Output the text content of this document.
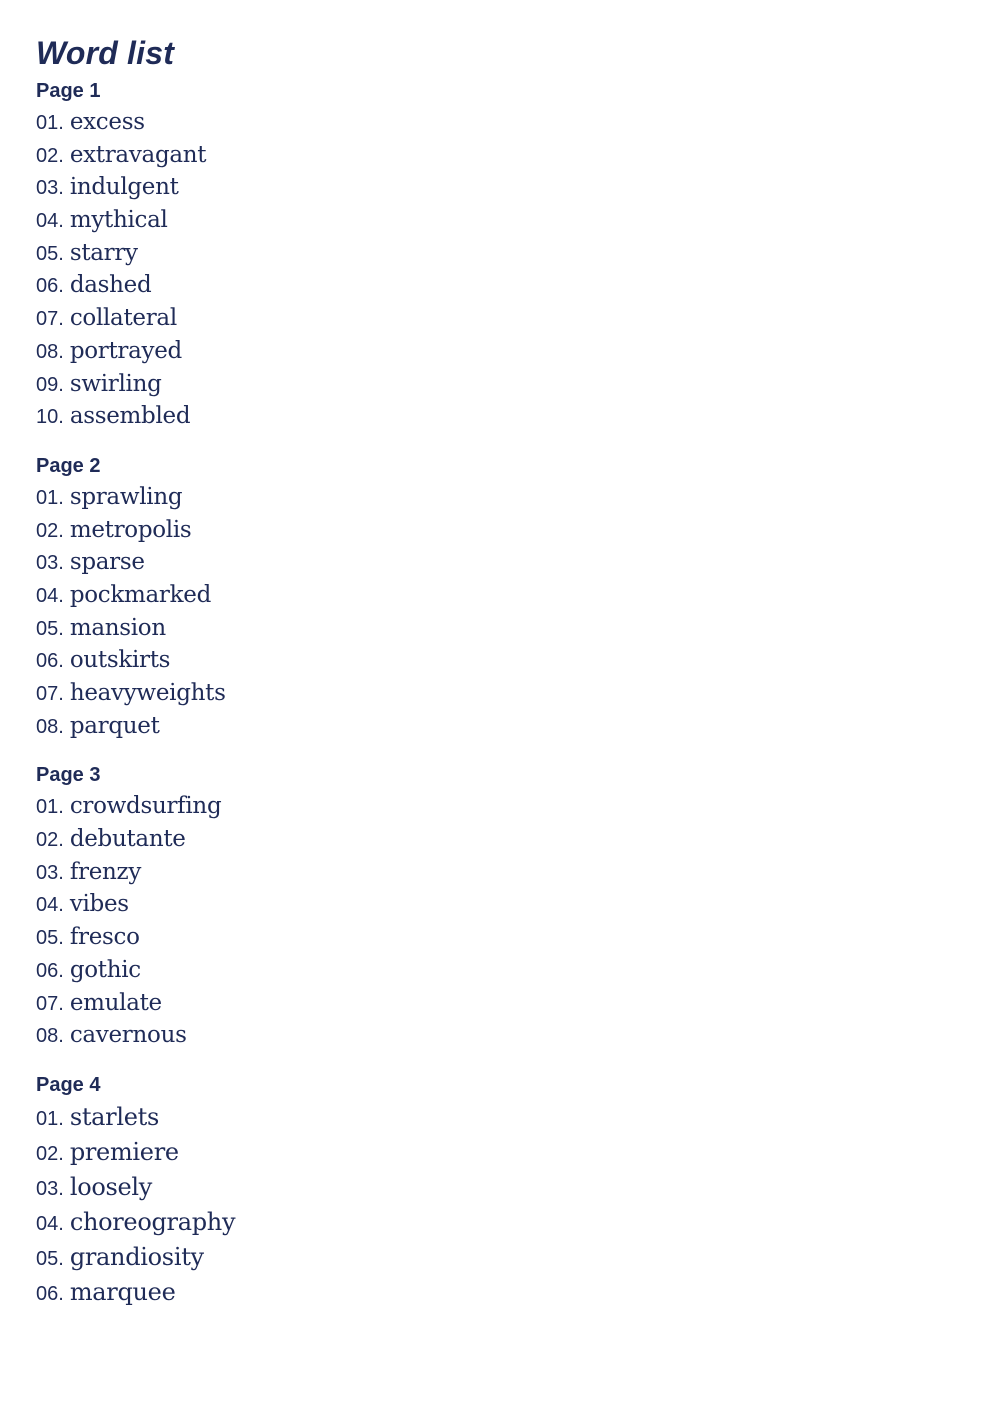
Word list
Page 1
01. excess
02. extravagant
03. indulgent
04. mythical
05. starry
06. dashed
07. collateral
08. portrayed
09. swirling
10. assembled
Page 2
01. sprawling
02. metropolis
03. sparse
04. pockmarked
05. mansion
06. outskirts
07. heavyweights
08. parquet
Page 3
01. crowdsurfing
02. debutante
03. frenzy
04. vibes
05. fresco
06. gothic
07. emulate
08. cavernous
Page 4
01. starlets
02. premiere
03. loosely
04. choreography
05. grandiosity
06. marquee
